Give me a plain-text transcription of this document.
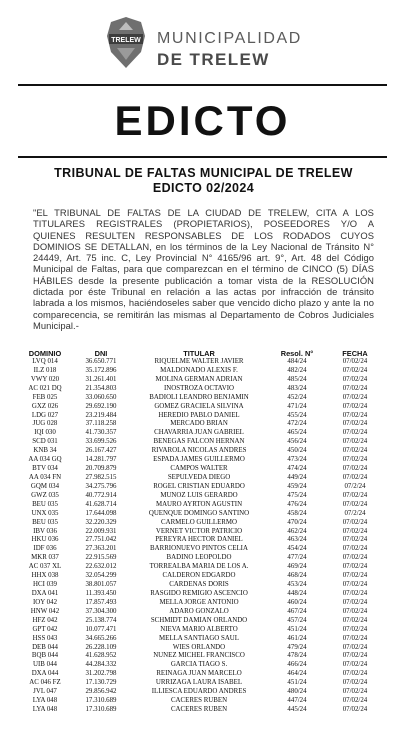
TRELEW MUNICIPALIDAD
DE TRELEW
EDICTO
TRIBUNAL DE FALTAS MUNICIPAL DE TRELEW
EDICTO 02/2024
"EL TRIBUNAL DE FALTAS DE LA CIUDAD DE TRELEW, CITA A LOS TITULARES REGISTRALES (PROPIETARIOS), POSEEDORES Y/O A QUIENES RESULTEN RESPONSABLES DE LOS RODADOS CUYOS DOMINIOS SE DETALLAN, en los términos de la Ley Nacional de Tránsito N° 24449, Art. 75 inc. C, Ley Provincial N° 4165/96 art. 9°, Art. 48 del Código Municipal de Faltas, para que comparezcan en el término de CINCO (5) DÍAS HÁBILES desde la presente publicación a tomar vista de la RESOLUCIÓN dictada por éste Tribunal en relación a las actas por infracción de tránsito labrada a los mismos, haciéndoseles saber que vencido dicho plazo y ante la no comparecencia, se remitirán las mismas al Departamento de Cobros Judiciales Municipal.-
DOMINIO	DNI	TITULAR	Resol. N°	FECHA
LVQ 014	36.650.771	RIQUELME WALTER JAVIER	484/24	07/02/24
ILZ 018	35.172.896	MALDONADO ALEXIS F.	482/24	07/02/24
VWY 020	31.261.401	MOLINA GERMAN ADRIAN	485/24	07/02/24
AC 021 DQ	21.354.803	INOSTROZA OCTAVIO	483/24	07/02/24
FEB 025	33.060.650	BADIOLI LEANDRO BENJAMIN	452/24	07/02/24
GXZ 026	29.692.190	GOMEZ GRACIELA SILVINA	471/24	07/02/24
LDG 027	23.219.484	HEREDIO PABLO DANIEL	455/24	07/02/24
JUG 028	37.118.258	MERCADO BRIAN	472/24	07/02/24
IQI 030	41.730.357	CHAVARRIA JUAN GABRIEL	465/24	07/02/24
SCD 031	33.699.526	BENEGAS FALCON HERNAN	456/24	07/02/24
KNB 34	26.167.427	RIVAROLA NICOLÁS ANDRES	450/24	07/02/24
AA 034 GQ	14.281.797	ESPADA JAMES GUILLERMO	473/24	07/02/24
BTV 034	20.709.879	CAMPOS WALTER	474/24	07/02/24
AA 034 FN	27.982.515	SEPULVEDA DIEGO	449/24	07/02/24
GQM 034	34.275.796	ROGEL CRISTIAN EDUARDO	459/24	07/2/24
GWZ 035	40.772.914	MUÑOZ LUIS GERARDO	475/24	07/02/24
BEU 035	41.628.714	MAURO AYRTON AGUSTIN	476/24	07/02/24
UNX 035	17.644.098	QUENQUE DOMINGO SANTINO	458/24	07/2/24
BEU 035	32.220.329	CARMELO GUILLERMO	470/24	07/02/24
IBV 036	22.009.931	VERNET VICTOR PATRICIO	462/24	07/02/24
HKU 036	27.751.042	PEREYRA HECTOR DANIEL	463/24	07/02/24
IDF 036	27.363.201	BARRIONUEVO PINTOS CELIA	454/24	07/02/24
MKR 037	22.915.569	BADINO LEOPOLDO	477/24	07/02/24
AC 037 XL	22.632.012	TORREALBA MARIA DE LOS A.	469/24	07/02/24
HHX 038	32.054.299	CALDERON EDGARDO	468/24	07/02/24
HCI 039	38.801.057	CARDENAS DORIS	453/24	07/02/24
DXA 041	11.393.450	RASGIDO REMIGIO ASCENCIO	448/24	07/02/24
IOY 042	17.857.493	MELLA JORGE ANTONIO	460/24	07/02/24
HNW 042	37.304.300	ADARO GONZALO	467/24	07/02/24
HFZ 042	25.138.774	SCHMIDT DAMIAN ORLANDO	457/24	07/02/24
GPT 042	10.077.471	NIEVA MARIO ALBERTO	451/24	07/02/24
HSS 043	34.665.266	MELLA SANTIAGO SAUL	461/24	07/02/24
DEB 044	26.228.109	WIES ORLANDO	479/24	07/02/24
BQB 044	41.628.952	NUÑEZ MICHEL FRANCISCO	478/24	07/02/24
UIB 044	44.284.332	GARCIA TIAGO S.	466/24	07/02/24
DXA 044	31.202.798	REINAGA JUAN MARCELO	464/24	07/02/24
AC 046 FZ	17.130.729	URRIZAGA LAURA ISABEL	451/24	07/02/24
JVL 047	29.856.942	ILLIESCA EDUARDO ANDRES	480/24	07/02/24
LYA 048	17.310.689	CACERES RUBEN	447/24	07/02/24
LYA 048	17.310.689	CACERES RUBEN	445/24	07/02/24
